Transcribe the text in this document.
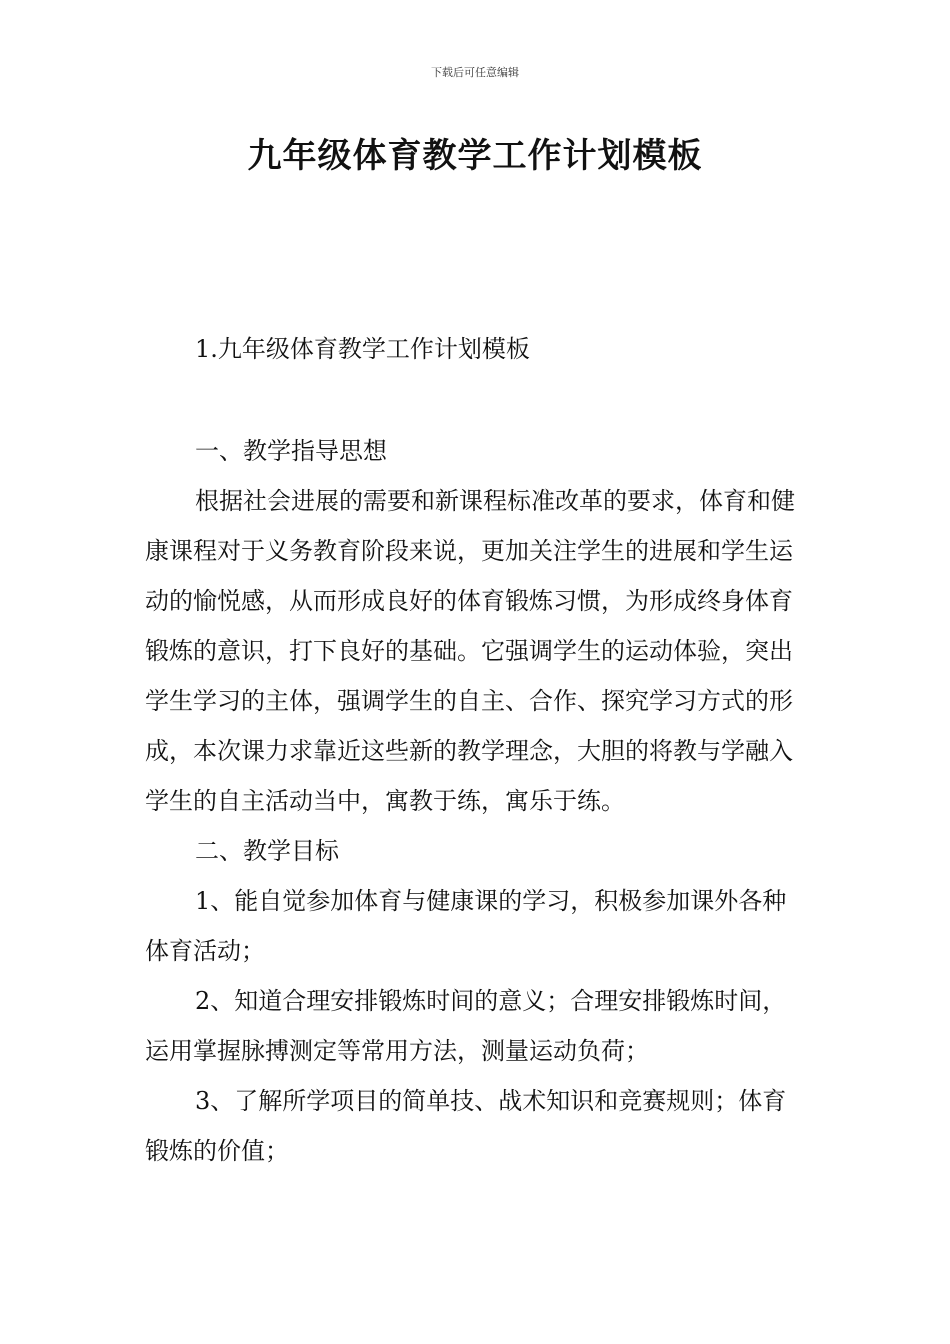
下载后可任意编辑
九年级体育教学工作计划模板
1.九年级体育教学工作计划模板

一、教学指导思想

根据社会进展的需要和新课程标准改革的要求，体育和健康课程对于义务教育阶段来说，更加关注学生的进展和学生运动的愉悦感，从而形成良好的体育锻炼习惯，为形成终身体育锻炼的意识，打下良好的基础。它强调学生的运动体验，突出学生学习的主体，强调学生的自主、合作、探究学习方式的形成，本次课力求靠近这些新的教学理念，大胆的将教与学融入学生的自主活动当中，寓教于练，寓乐于练。

二、教学目标

1、能自觉参加体育与健康课的学习，积极参加课外各种体育活动；

2、知道合理安排锻炼时间的意义；合理安排锻炼时间，运用掌握脉搏测定等常用方法，测量运动负荷；

3、了解所学项目的简单技、战术知识和竞赛规则；体育锻炼的价值；
